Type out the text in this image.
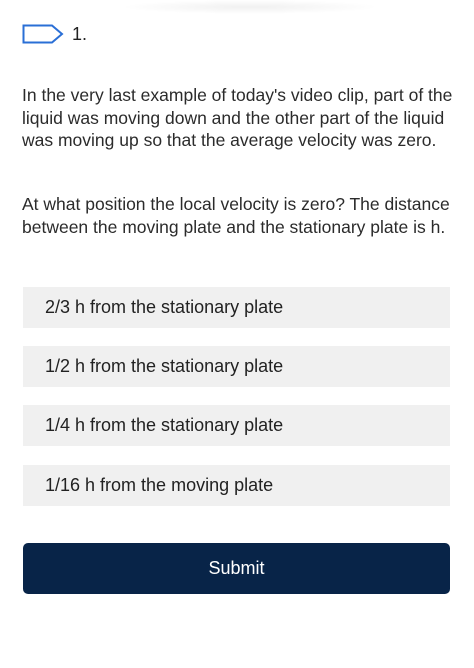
1.

In the very last example of today's video clip, part of the liquid was moving down and the other part of the liquid was moving up so that the average velocity was zero.

At what position the local velocity is zero? The distance between the moving plate and the stationary plate is h.

2/3 h from the stationary plate
1/2 h from the stationary plate
1/4 h from the stationary plate
1/16 h from the moving plate
Submit
